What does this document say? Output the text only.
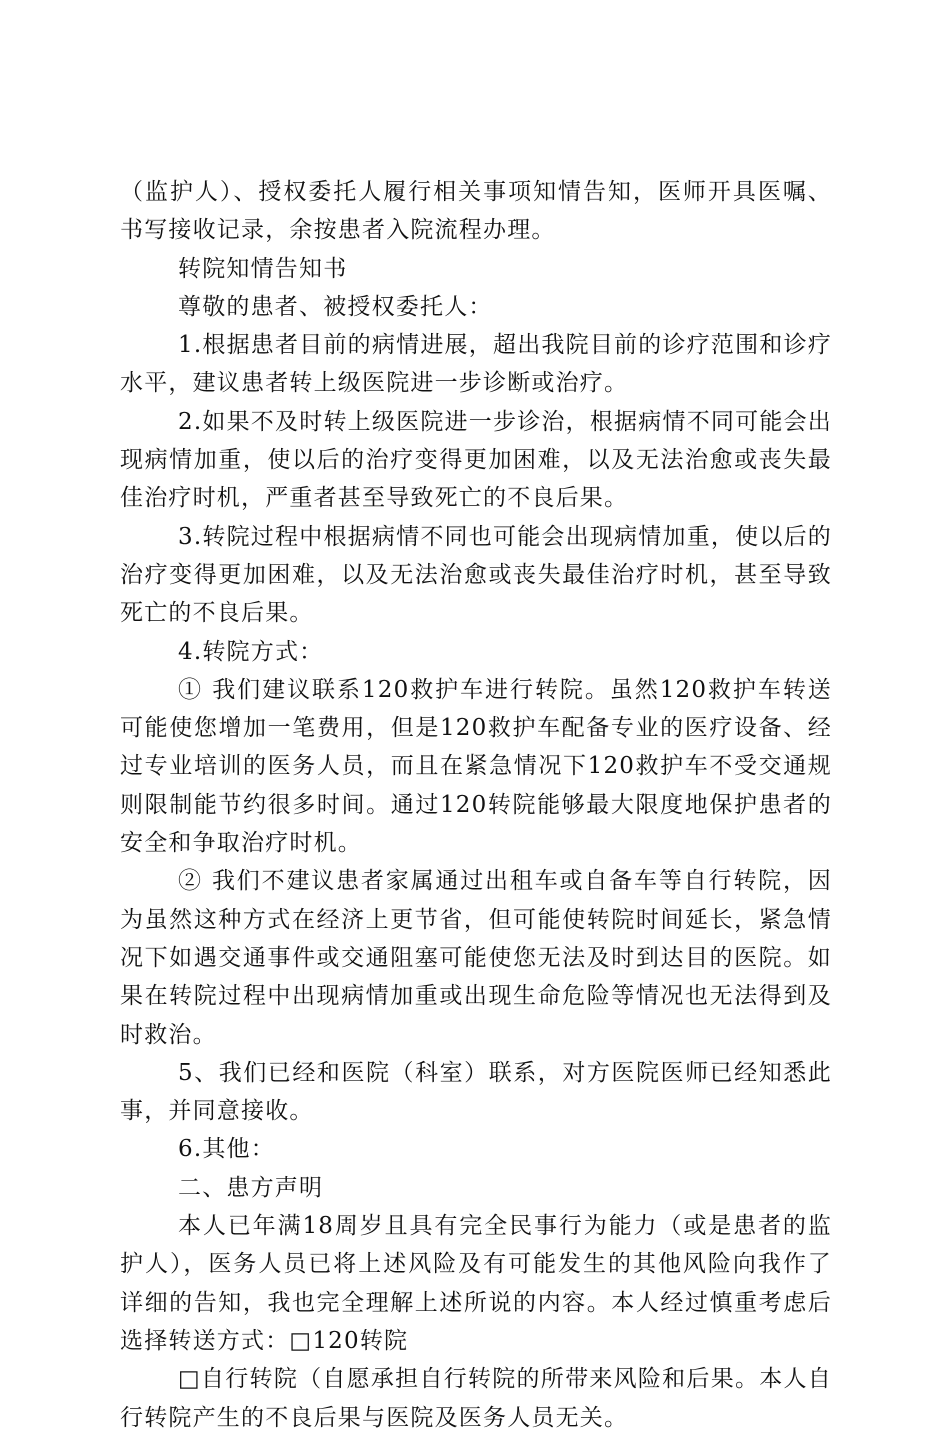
（监护人）、授权委托人履行相关事项知情告知，医师开具医嘱、书写接收记录，余按患者入院流程办理。

转院知情告知书

尊敬的患者、被授权委托人：

1.根据患者目前的病情进展，超出我院目前的诊疗范围和诊疗水平，建议患者转上级医院进一步诊断或治疗。

2.如果不及时转上级医院进一步诊治，根据病情不同可能会出现病情加重，使以后的治疗变得更加困难，以及无法治愈或丧失最佳治疗时机，严重者甚至导致死亡的不良后果。

3.转院过程中根据病情不同也可能会出现病情加重，使以后的治疗变得更加困难，以及无法治愈或丧失最佳治疗时机，甚至导致死亡的不良后果。

4.转院方式：

① 我们建议联系120救护车进行转院。虽然120救护车转送可能使您增加一笔费用，但是120救护车配备专业的医疗设备、经过专业培训的医务人员，而且在紧急情况下120救护车不受交通规则限制能节约很多时间。通过120转院能够最大限度地保护患者的安全和争取治疗时机。

② 我们不建议患者家属通过出租车或自备车等自行转院，因为虽然这种方式在经济上更节省，但可能使转院时间延长，紧急情况下如遇交通事件或交通阻塞可能使您无法及时到达目的医院。如果在转院过程中出现病情加重或出现生命危险等情况也无法得到及时救治。

5、我们已经和医院（科室）联系，对方医院医师已经知悉此事，并同意接收。

6.其他：

二、患方声明

本人已年满18周岁且具有完全民事行为能力（或是患者的监护人），医务人员已将上述风险及有可能发生的其他风险向我作了详细的告知，我也完全理解上述所说的内容。本人经过慎重考虑后选择转送方式：□120转院

□自行转院（自愿承担自行转院的所带来风险和后果。本人自行转院产生的不良后果与医院及医务人员无关。
